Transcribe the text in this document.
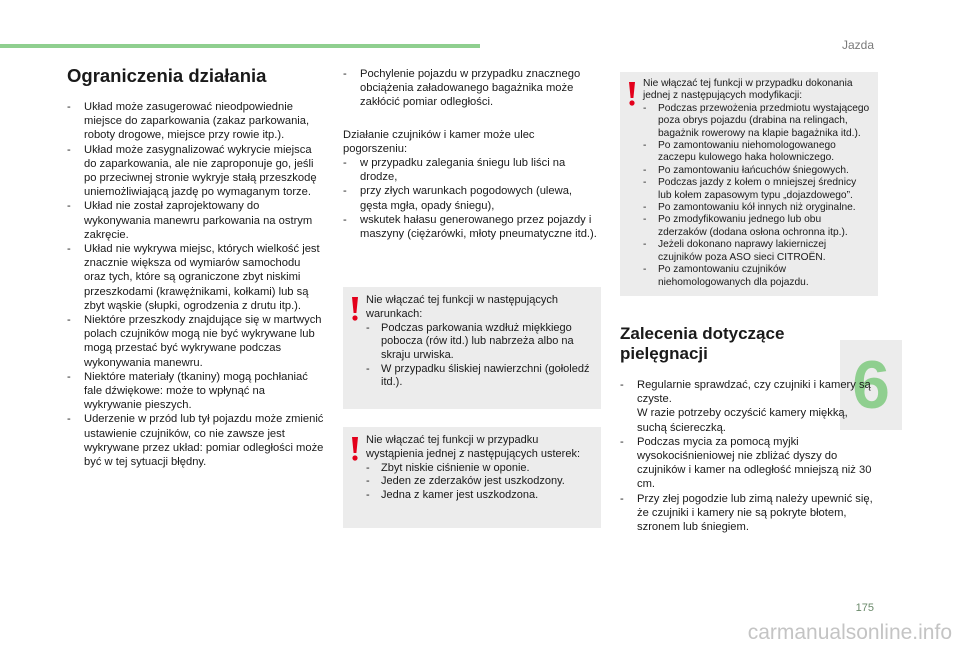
Jazda
6
175
carmanualsonline.info
Ograniczenia działania
- Układ może zasugerować nieodpowiednie miejsce do zaparkowania (zakaz parkowania, roboty drogowe, miejsce przy rowie itp.).
- Układ może zasygnalizować wykrycie miejsca do zaparkowania, ale nie zaproponuje go, jeśli po przeciwnej stronie wykryje stałą przeszkodę uniemożliwiającą jazdę po wymaganym torze.
- Układ nie został zaprojektowany do wykonywania manewru parkowania na ostrym zakręcie.
- Układ nie wykrywa miejsc, których wielkość jest znacznie większa od wymiarów samochodu oraz tych, które są ograniczone zbyt niskimi przeszkodami (krawężnikami, kołkami) lub są zbyt wąskie (słupki, ogrodzenia z drutu itp.).
- Niektóre przeszkody znajdujące się w martwych polach czujników mogą nie być wykrywane lub mogą przestać być wykrywane podczas wykonywania manewru.
- Niektóre materiały (tkaniny) mogą pochłaniać fale dźwiękowe: może to wpłynąć na wykrywanie pieszych.
- Uderzenie w przód lub tył pojazdu może zmienić ustawienie czujników, co nie zawsze jest wykrywane przez układ: pomiar odległości może być w tej sytuacji błędny.
- Pochylenie pojazdu w przypadku znacznego obciążenia załadowanego bagażnika może zakłócić pomiar odległości.

Działanie czujników i kamer może ulec pogorszeniu:

- w przypadku zalegania śniegu lub liści na drodze,
- przy złych warunkach pogodowych (ulewa, gęsta mgła, opady śniegu),
- wskutek hałasu generowanego przez pojazdy i maszyny (ciężarówki, młoty pneumatyczne itd.).

Nie włączać tej funkcji w następujących warunkach:

- Podczas parkowania wzdłuż miękkiego pobocza (rów itd.) lub nabrzeża albo na skraju urwiska.
- W przypadku śliskiej nawierzchni (gołoledź itd.).

Nie włączać tej funkcji w przypadku wystąpienia jednej z następujących usterek:

- Zbyt niskie ciśnienie w oponie.
- Jeden ze zderzaków jest uszkodzony.
- Jedna z kamer jest uszkodzona.

Nie włączać tej funkcji w przypadku dokonania jednej z następujących modyfikacji:

- Podczas przewożenia przedmiotu wystającego poza obrys pojazdu (drabina na relingach, bagażnik rowerowy na klapie bagażnika itd.).
- Po zamontowaniu niehomologowanego zaczepu kulowego haka holowniczego.
- Po zamontowaniu łańcuchów śniegowych.
- Podczas jazdy z kołem o mniejszej średnicy lub kołem zapasowym typu „dojazdowego”.
- Po zamontowaniu kół innych niż oryginalne.
- Po zmodyfikowaniu jednego lub obu zderzaków (dodana osłona ochronna itp.).
- Jeżeli dokonano naprawy lakierniczej czujników poza ASO sieci CITROËN.
- Po zamontowaniu czujników niehomologowanych dla pojazdu.
Zalecenia dotyczące
pielęgnacji
- Regularnie sprawdzać, czy czujniki i kamery są czyste.
W razie potrzeby oczyścić kamery miękką, suchą ściereczką.
- Podczas mycia za pomocą myjki wysokociśnieniowej nie zbliżać dyszy do czujników i kamer na odległość mniejszą niż 30 cm.
- Przy złej pogodzie lub zimą należy upewnić się, że czujniki i kamery nie są pokryte błotem, szronem lub śniegiem.
